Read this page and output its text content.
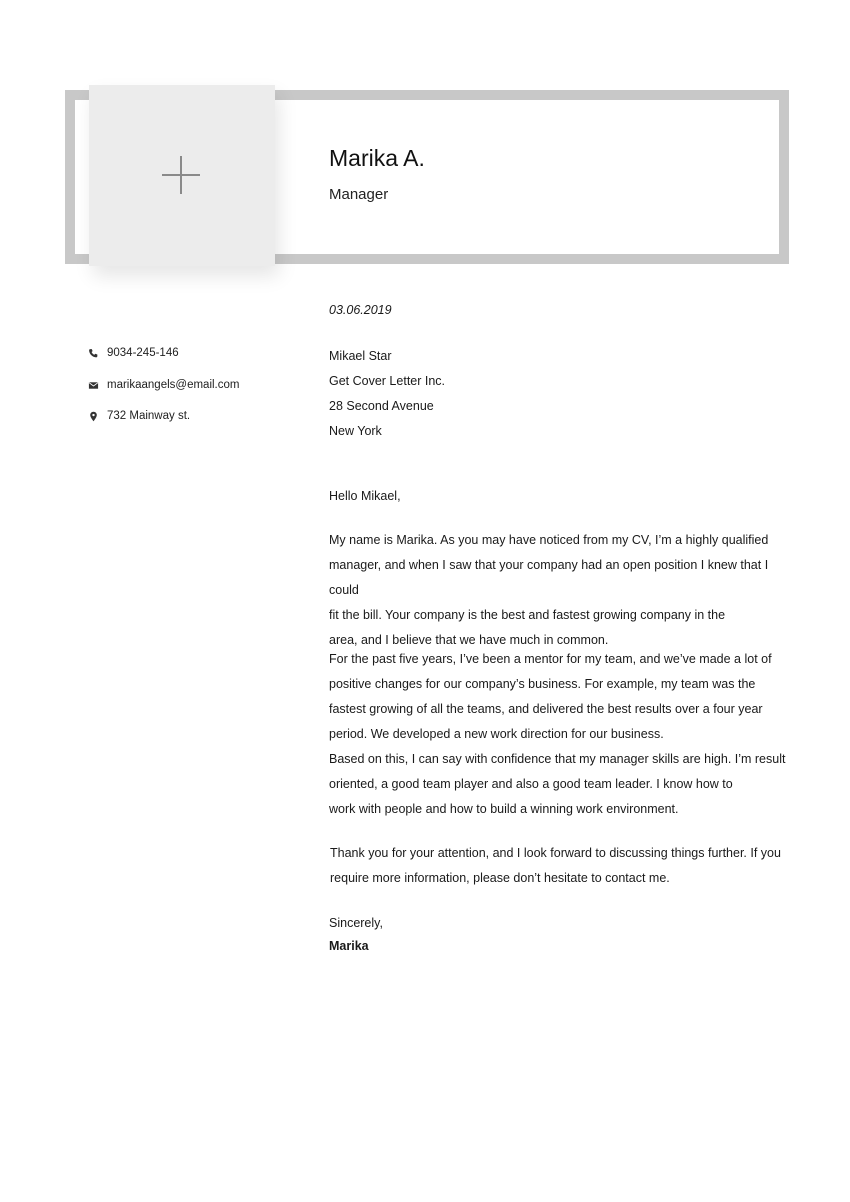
Marika A.
Manager
9034-245-146
marikaangels@email.com
732 Mainway st.
03.06.2019
Mikael Star
Get Cover Letter Inc.
28 Second Avenue
New York
Hello Mikael,
My name is Marika. As you may have noticed from my CV, I’m a highly qualified
manager, and when I saw that your company had an open position I knew that I could
fit the bill. Your company is the best and fastest growing company in the
area, and I believe that we have much in common.
For the past five years, I’ve been a mentor for my team, and we’ve made a lot of
positive changes for our company’s business. For example, my team was the
fastest growing of all the teams, and delivered the best results over a four year
period. We developed a new work direction for our business.
Based on this, I can say with confidence that my manager skills are high. I’m result
oriented, a good team player and also a good team leader. I know how to
work with people and how to build a winning work environment.
Thank you for your attention, and I look forward to discussing things further. If you
require more information, please don’t hesitate to contact me.
Sincerely,
Marika
